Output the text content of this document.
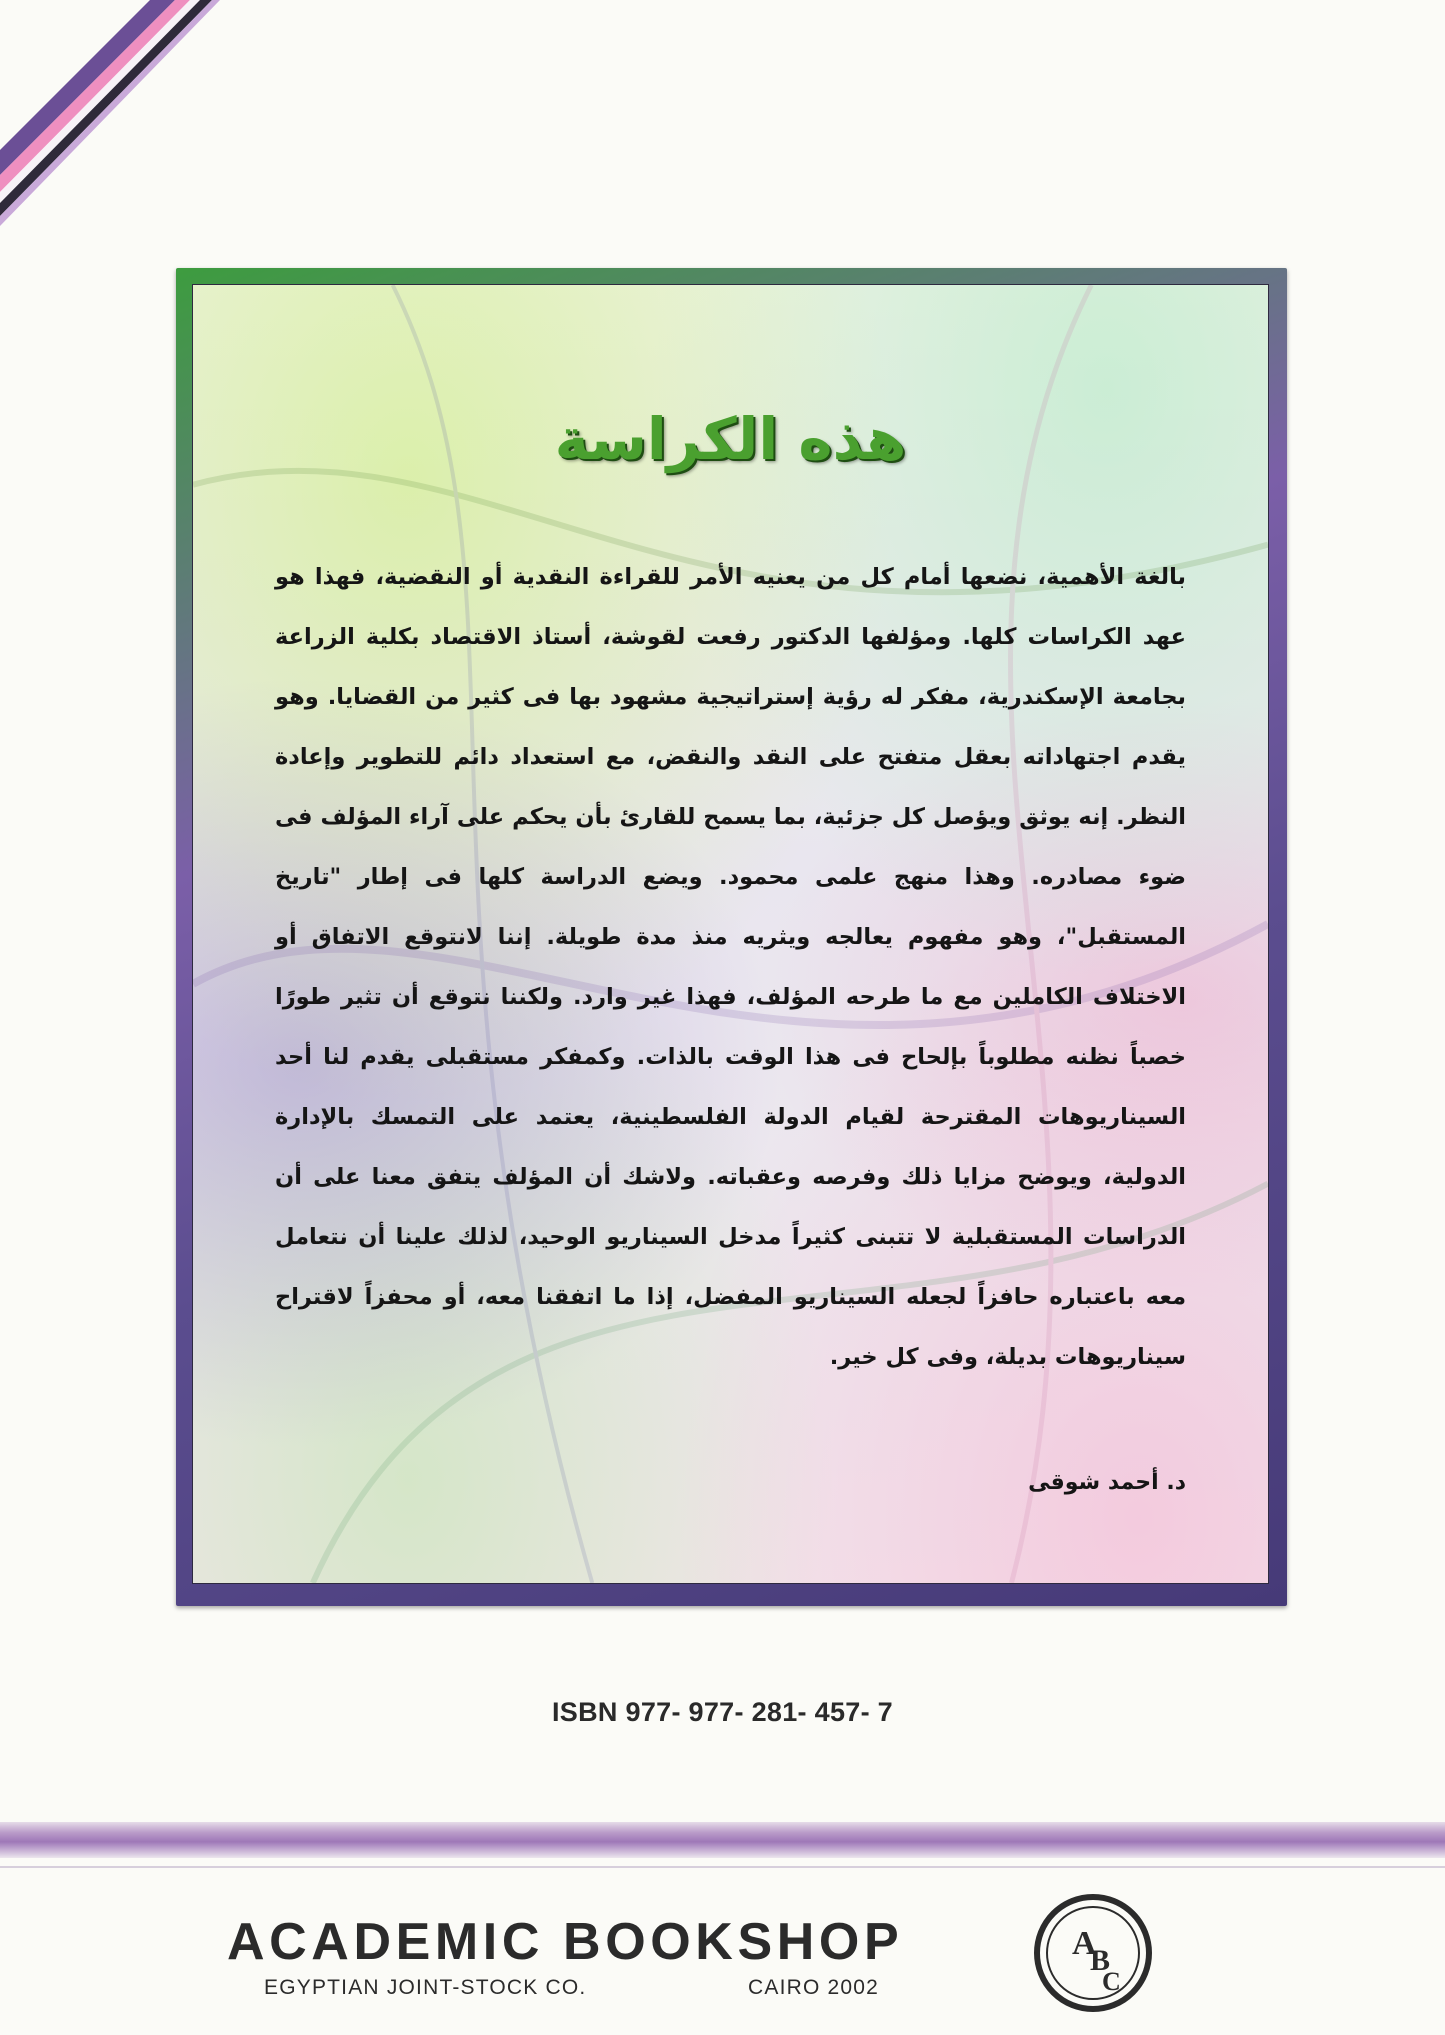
هذه الكراسة
بالغة الأهمية، نضعها أمام كل من يعنيه الأمر للقراءة النقدية أو النقضية، فهذا هو عهد الكراسات كلها. ومؤلفها الدكتور رفعت لقوشة، أستاذ الاقتصاد بكلية الزراعة بجامعة الإسكندرية، مفكر له رؤية إستراتيجية مشهود بها فى كثير من القضايا. وهو يقدم اجتهاداته بعقل متفتح على النقد والنقض، مع استعداد دائم للتطوير وإعادة النظر. إنه يوثق ويؤصل كل جزئية، بما يسمح للقارئ بأن يحكم على آراء المؤلف فى ضوء مصادره. وهذا منهج علمى محمود. ويضع الدراسة كلها فى إطار "تاريخ المستقبل"، وهو مفهوم يعالجه ويثريه منذ مدة طويلة. إننا لانتوقع الاتفاق أو الاختلاف الكاملين مع ما طرحه المؤلف، فهذا غير وارد. ولكننا نتوقع أن تثير طورًا خصباً نظنه مطلوباً بإلحاح فى هذا الوقت بالذات. وكمفكر مستقبلى يقدم لنا أحد السيناريوهات المقترحة لقيام الدولة الفلسطينية، يعتمد على التمسك بالإدارة الدولية، ويوضح مزايا ذلك وفرصه وعقباته. ولاشك أن المؤلف يتفق معنا على أن الدراسات المستقبلية لا تتبنى كثيراً مدخل السيناريو الوحيد، لذلك علينا أن نتعامل معه باعتباره حافزاً لجعله السيناريو المفضل، إذا ما اتفقنا معه، أو محفزاً لاقتراح سيناريوهات بديلة، وفى كل خير.
د. أحمد شوقى
ISBN 977- 977- 281- 457- 7
ACADEMIC BOOKSHOP
EGYPTIAN JOINT-STOCK CO.	CAIRO 2002
A
B
C
